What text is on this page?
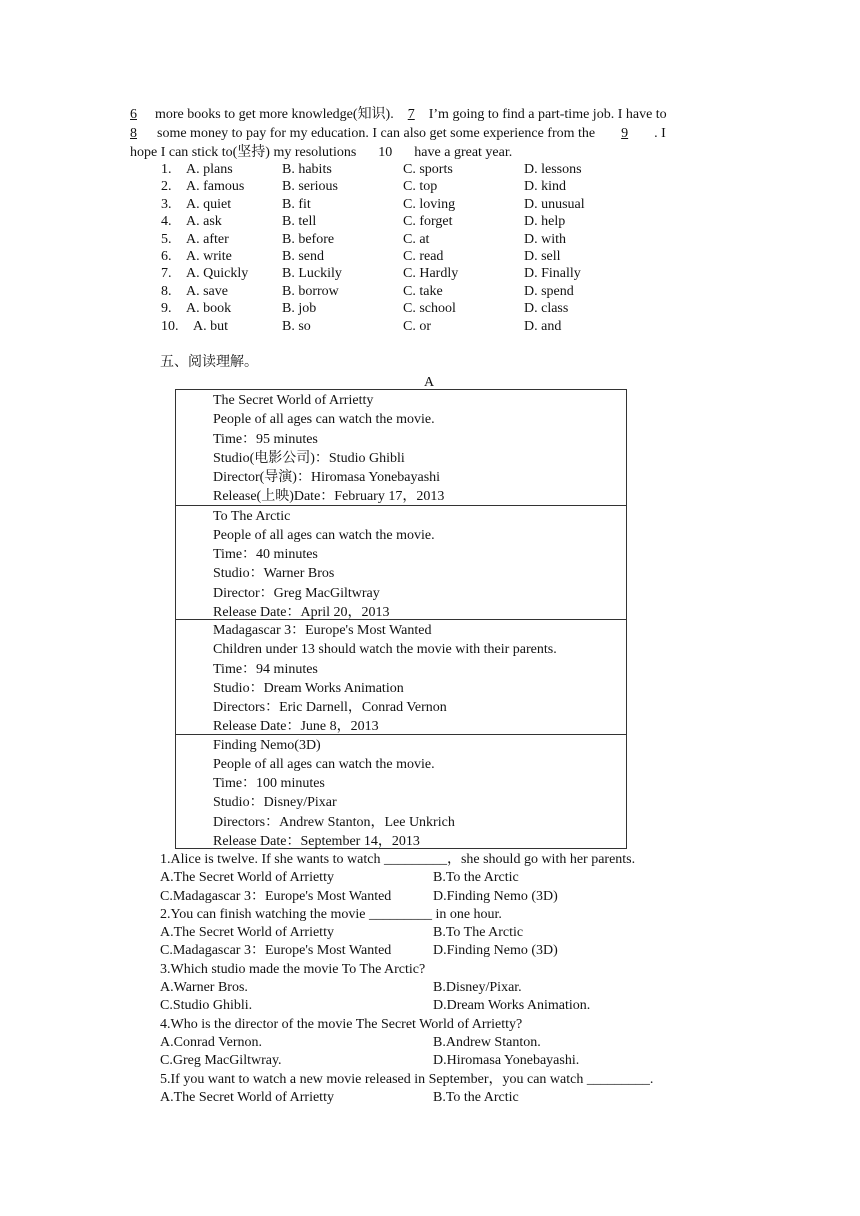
6 more books to get more knowledge(知识). 7 I’m going to find a part-time job. I have to
8 some money to pay for my education. I can also get some experience from the 9 . I
hope I can stick to(坚持) my resolutions 10 have a great year.
1. A. plans	B. habits	C. sports	D. lessons
2. A. famous	B. serious	C. top	D. kind
3. A. quiet	B. fit	C. loving	D. unusual
4. A. ask	B. tell	C. forget	D. help
5. A. after	B. before	C. at	D. with
6. A. write	B. send	C. read	D. sell
7. A. Quickly B. Luckily	C. Hardly	D. Finally
8. A. save	B. borrow	C. take	D. spend
9. A. book	B. job	C. school	D. class
10. A. but	B. so	C. or	D. and
五、阅读理解。
A
The Secret World of Arrietty
People of all ages can watch the movie.
Time：95 minutes
Studio(电影公司)：Studio Ghibli
Director(导演)：Hiromasa Yonebayashi
Release(上映)Date：February 17，2013
To The Arctic
People of all ages can watch the movie.
Time：40 minutes
Studio：Warner Bros
Director：Greg MacGiltwray
Release Date：April 20，2013
Madagascar 3：Europe's Most Wanted
Children under 13 should watch the movie with their parents.
Time：94 minutes
Studio：Dream Works Animation
Directors：Eric Darnell，Conrad Vernon
Release Date：June 8，2013
Finding Nemo(3D)
People of all ages can watch the movie.
Time：100 minutes
Studio：Disney/Pixar
Directors：Andrew Stanton，Lee Unkrich
Release Date：September 14，2013
1.Alice is twelve. If she wants to watch _________，she should go with her parents.
A.The Secret World of Arrietty	B.To the Arctic
C.Madagascar 3：Europe's Most Wanted	D.Finding Nemo (3D)
2.You can finish watching the movie _________ in one hour.
A.The Secret World of Arrietty	B.To The Arctic
C.Madagascar 3：Europe's Most Wanted	D.Finding Nemo (3D)
3.Which studio made the movie To The Arctic?
A.Warner Bros.	B.Disney/Pixar.
C.Studio Ghibli.	D.Dream Works Animation.
4.Who is the director of the movie The Secret World of Arrietty?
A.Conrad Vernon.	B.Andrew Stanton.
C.Greg MacGiltwray.	D.Hiromasa Yonebayashi.
5.If you want to watch a new movie released in September，you can watch _________.
A.The Secret World of Arrietty	B.To the Arctic
